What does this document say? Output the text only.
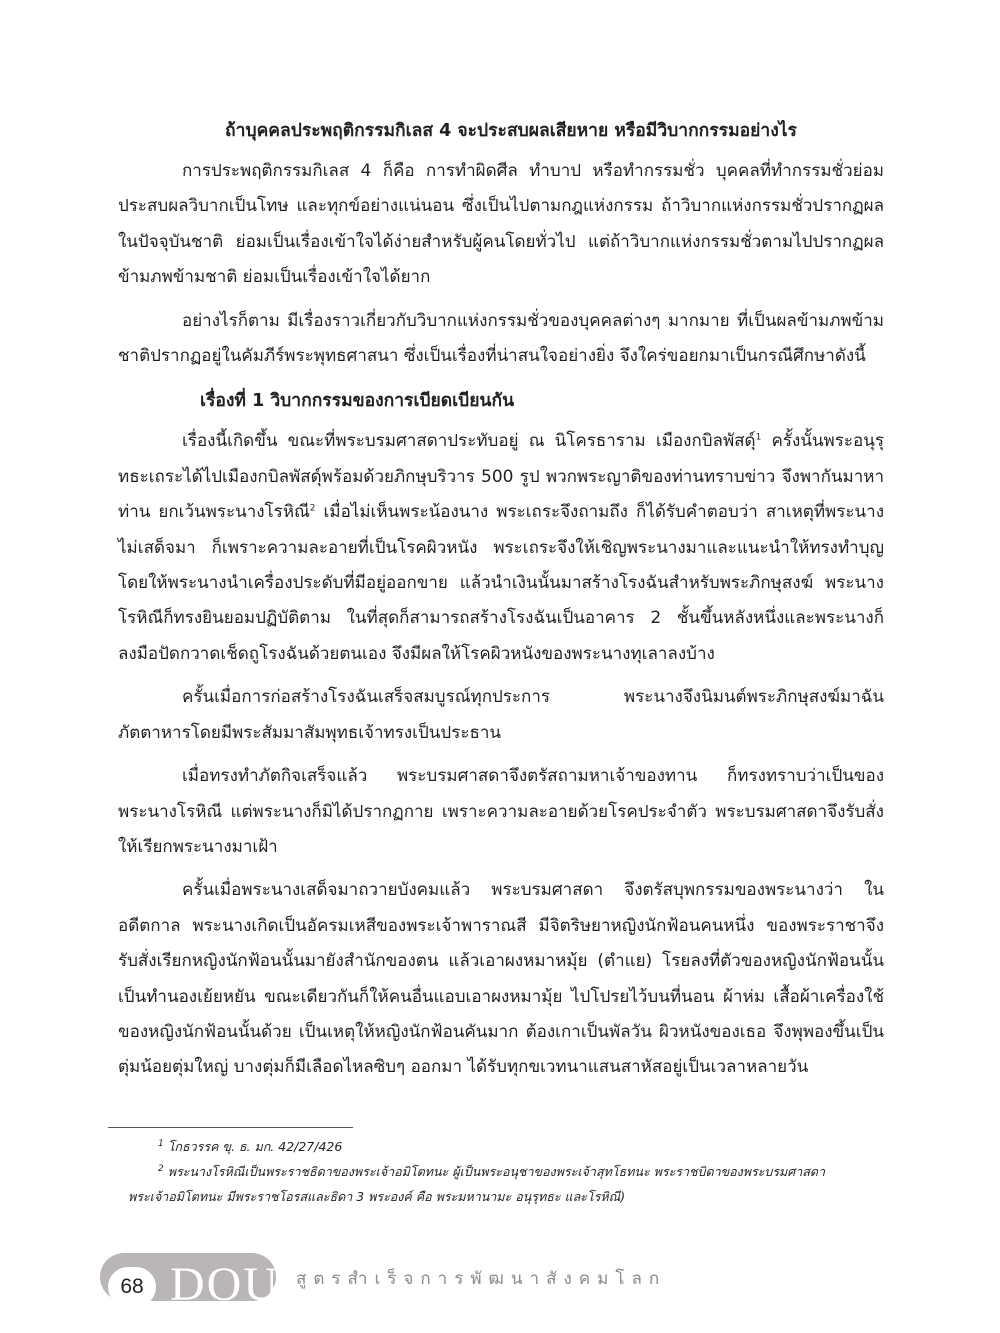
ถ้าบุคคลประพฤติกรรมกิเลส 4 จะประสบผลเสียหาย หรือมีวิบากกรรมอย่างไร

การประพฤติกรรมกิเลส 4 ก็คือ การทำผิดศีล ทำบาป หรือทำกรรมชั่ว บุคคลที่ทำกรรมชั่วย่อมประสบผลวิบากเป็นโทษ และทุกข์อย่างแน่นอน ซึ่งเป็นไปตามกฎแห่งกรรม ถ้าวิบากแห่งกรรมชั่วปรากฏผลในปัจจุบันชาติ ย่อมเป็นเรื่องเข้าใจได้ง่ายสำหรับผู้คนโดยทั่วไป แต่ถ้าวิบากแห่งกรรมชั่วตามไปปรากฏผลข้ามภพข้ามชาติ ย่อมเป็นเรื่องเข้าใจได้ยาก

อย่างไรก็ตาม มีเรื่องราวเกี่ยวกับวิบากแห่งกรรมชั่วของบุคคลต่างๆ มากมาย ที่เป็นผลข้ามภพข้ามชาติปรากฏอยู่ในคัมภีร์พระพุทธศาสนา ซึ่งเป็นเรื่องที่น่าสนใจอย่างยิ่ง จึงใคร่ขอยกมาเป็นกรณีศึกษาดังนี้

เรื่องที่ 1 วิบากกรรมของการเบียดเบียนกัน

เรื่องนี้เกิดขึ้น ขณะที่พระบรมศาสดาประทับอยู่ ณ นิโครธาราม เมืองกบิลพัสดุ์$^1$ ครั้งนั้นพระอนุรุทธะเถระได้ไปเมืองกบิลพัสดุ์พร้อมด้วยภิกษุบริวาร 500 รูป พวกพระญาติของท่านทราบข่าว จึงพากันมาหาท่าน ยกเว้นพระนางโรหิณี$^2$ เมื่อไม่เห็นพระน้องนาง พระเถระจึงถามถึง ก็ได้รับคำตอบว่า สาเหตุที่พระนางไม่เสด็จมา ก็เพราะความละอายที่เป็นโรคผิวหนัง พระเถระจึงให้เชิญพระนางมาและแนะนำให้ทรงทำบุญ โดยให้พระนางนำเครื่องประดับที่มีอยู่ออกขาย แล้วนำเงินนั้นมาสร้างโรงฉันสำหรับพระภิกษุสงฆ์ พระนางโรหิณีก็ทรงยินยอมปฏิบัติตาม ในที่สุดก็สามารถสร้างโรงฉันเป็นอาคาร 2 ชั้นขึ้นหลังหนึ่งและพระนางก็ลงมือปัดกวาดเช็ดถูโรงฉันด้วยตนเอง จึงมีผลให้โรคผิวหนังของพระนางทุเลาลงบ้าง

ครั้นเมื่อการก่อสร้างโรงฉันเสร็จสมบูรณ์ทุกประการ พระนางจึงนิมนต์พระภิกษุสงฆ์มาฉันภัตตาหารโดยมีพระสัมมาสัมพุทธเจ้าทรงเป็นประธาน

เมื่อทรงทำภัตกิจเสร็จแล้ว พระบรมศาสดาจึงตรัสถามหาเจ้าของทาน ก็ทรงทราบว่าเป็นของพระนางโรหิณี แต่พระนางก็มิได้ปรากฏกาย เพราะความละอายด้วยโรคประจำตัว พระบรมศาสดาจึงรับสั่งให้เรียกพระนางมาเฝ้า

ครั้นเมื่อพระนางเสด็จมาถวายบังคมแล้ว พระบรมศาสดา จึงตรัสบุพกรรมของพระนางว่า ในอดีตกาล พระนางเกิดเป็นอัครมเหสีของพระเจ้าพาราณสี มีจิตริษยาหญิงนักฟ้อนคนหนึ่ง ของพระราชาจึงรับสั่งเรียกหญิงนักฟ้อนนั้นมายังสำนักของตน แล้วเอาผงหมาหมุ้ย (ตำแย) โรยลงที่ตัวของหญิงนักฟ้อนนั้นเป็นทำนองเย้ยหยัน ขณะเดียวกันก็ให้คนอื่นแอบเอาผงหมามุ้ย ไปโปรยไว้บนที่นอน ผ้าห่ม เสื้อผ้าเครื่องใช้ของหญิงนักฟ้อนนั้นด้วย เป็นเหตุให้หญิงนักฟ้อนคันมาก ต้องเกาเป็นพัลวัน ผิวหนังของเธอ จึงพุพองขึ้นเป็นตุ่มน้อยตุ่มใหญ่ บางตุ่มก็มีเลือดไหลซิบๆ ออกมา ได้รับทุกขเวทนาแสนสาหัสอยู่เป็นเวลาหลายวัน

$^1$ โกธวรรค ขุ. ธ. มก. 42/27/426

$^2$ พระนางโรหิณีเป็นพระราชธิดาของพระเจ้าอมิโตทนะ ผู้เป็นพระอนุชาของพระเจ้าสุทโธทนะ พระราชบิดาของพระบรมศาสดา

พระเจ้าอมิโตทนะ มีพระราชโอรสและธิดา 3 พระองค์ คือ พระมหานามะ อนุรุทธะ และโรหิณี)

68 DOU สูตรสำเร็จการพัฒนาสังคมโลก
